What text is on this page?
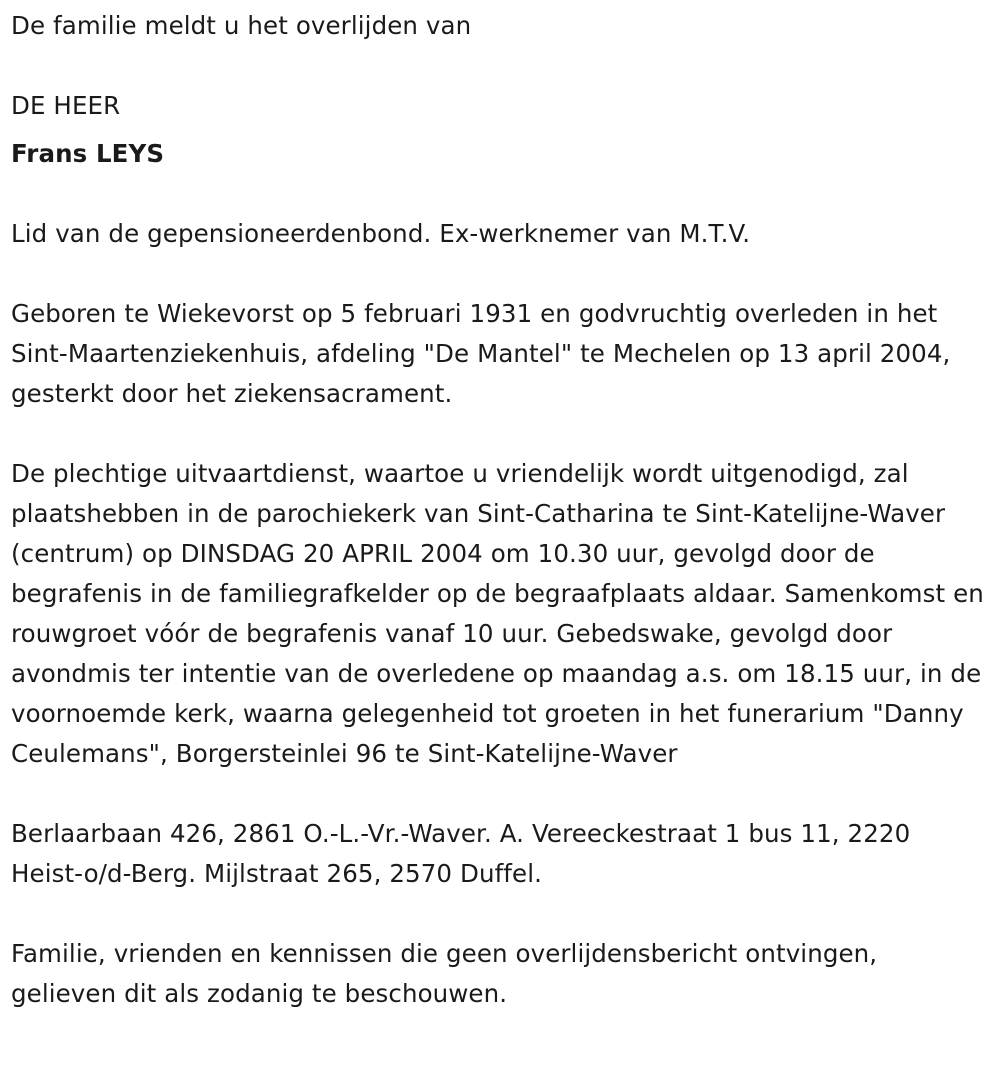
De familie meldt u het overlijden van

DE HEER

Frans LEYS

Lid van de gepensioneerdenbond. Ex-werknemer van M.T.V.

Geboren te Wiekevorst op 5 februari 1931 en godvruchtig overleden in het Sint-Maartenziekenhuis, afdeling "De Mantel" te Mechelen op 13 april 2004, gesterkt door het ziekensacrament.

De plechtige uitvaartdienst, waartoe u vriendelijk wordt uitgenodigd, zal plaatshebben in de parochiekerk van Sint-Catharina te Sint-Katelijne-Waver (centrum) op DINSDAG 20 APRIL 2004 om 10.30 uur, gevolgd door de begrafenis in de familiegrafkelder op de begraafplaats aldaar. Samenkomst en rouwgroet vóór de begrafenis vanaf 10 uur. Gebedswake, gevolgd door avondmis ter intentie van de overledene op maandag a.s. om 18.15 uur, in de voornoemde kerk, waarna gelegenheid tot groeten in het funerarium "Danny Ceulemans", Borgersteinlei 96 te Sint-Katelijne-Waver

Berlaarbaan 426, 2861 O.-L.-Vr.-Waver. A. Vereeckestraat 1 bus 11, 2220 Heist-o/d-Berg. Mijlstraat 265, 2570 Duffel.

Familie, vrienden en kennissen die geen overlijdensbericht ontvingen, gelieven dit als zodanig te beschouwen.
